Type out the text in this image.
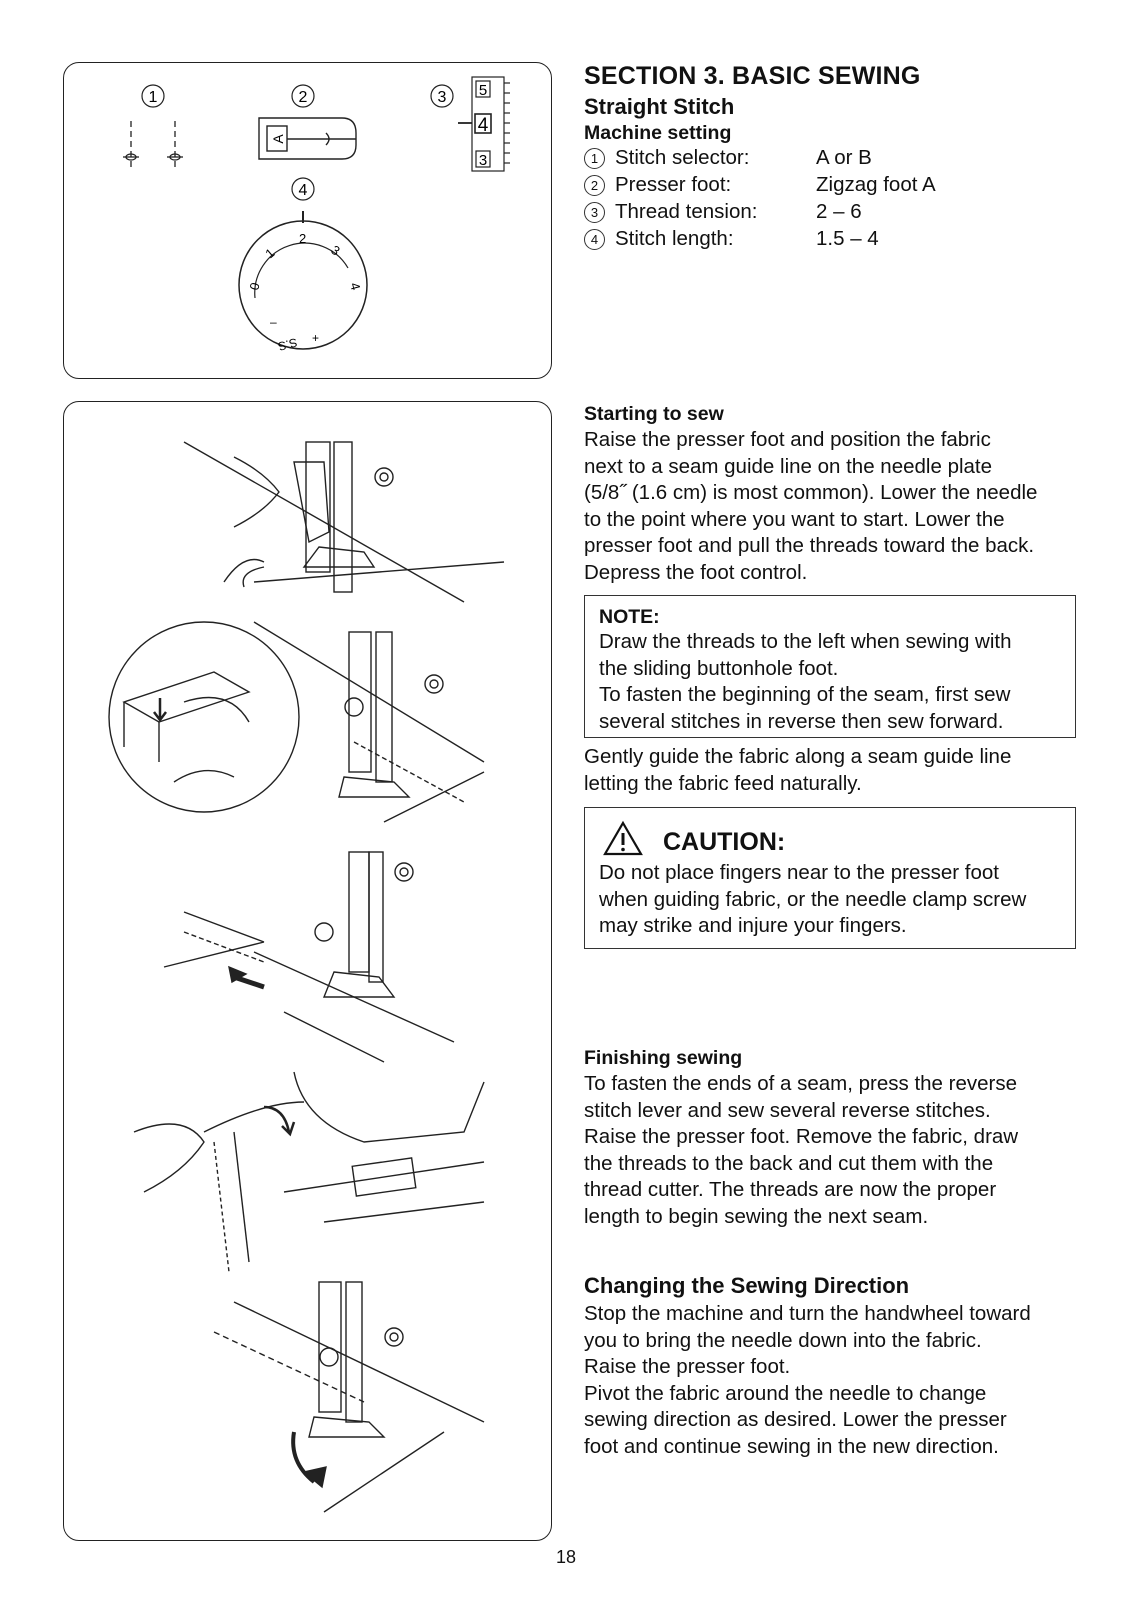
1	2	3
4
A
5
4
3
0
1
2
3
4
S.S
–
+
SECTION 3. BASIC SEWING
Straight Stitch
Machine setting
1 Stitch selector:	A or B
2 Presser foot:	Zigzag foot A
3 Thread tension:	2 – 6
4 Stitch length:	1.5 – 4
Starting to sew
Raise the presser foot and position the fabric
next to a seam guide line on the needle plate
(5/8˝ (1.6 cm) is most common). Lower the needle
to the point where you want to start. Lower the
presser foot and pull the threads toward the back.
Depress the foot control.
NOTE:
Draw the threads to the left when sewing with
the sliding buttonhole foot.
To fasten the beginning of the seam, first sew
several stitches in reverse then sew forward.
Gently guide the fabric along a seam guide line
letting the fabric feed naturally.
CAUTION:
Do not place fingers near to the presser foot
when guiding fabric, or the needle clamp screw
may strike and injure your fingers.
Finishing sewing
To fasten the ends of a seam, press the reverse
stitch lever and sew several reverse stitches.
Raise the presser foot. Remove the fabric, draw
the threads to the back and cut them with the
thread cutter. The threads are now the proper
length to begin sewing the next seam.
Changing the Sewing Direction
Stop the machine and turn the handwheel toward
you to bring the needle down into the fabric.
Raise the presser foot.
Pivot the fabric around the needle to change
sewing direction as desired. Lower the presser
foot and continue sewing in the new direction.
18
